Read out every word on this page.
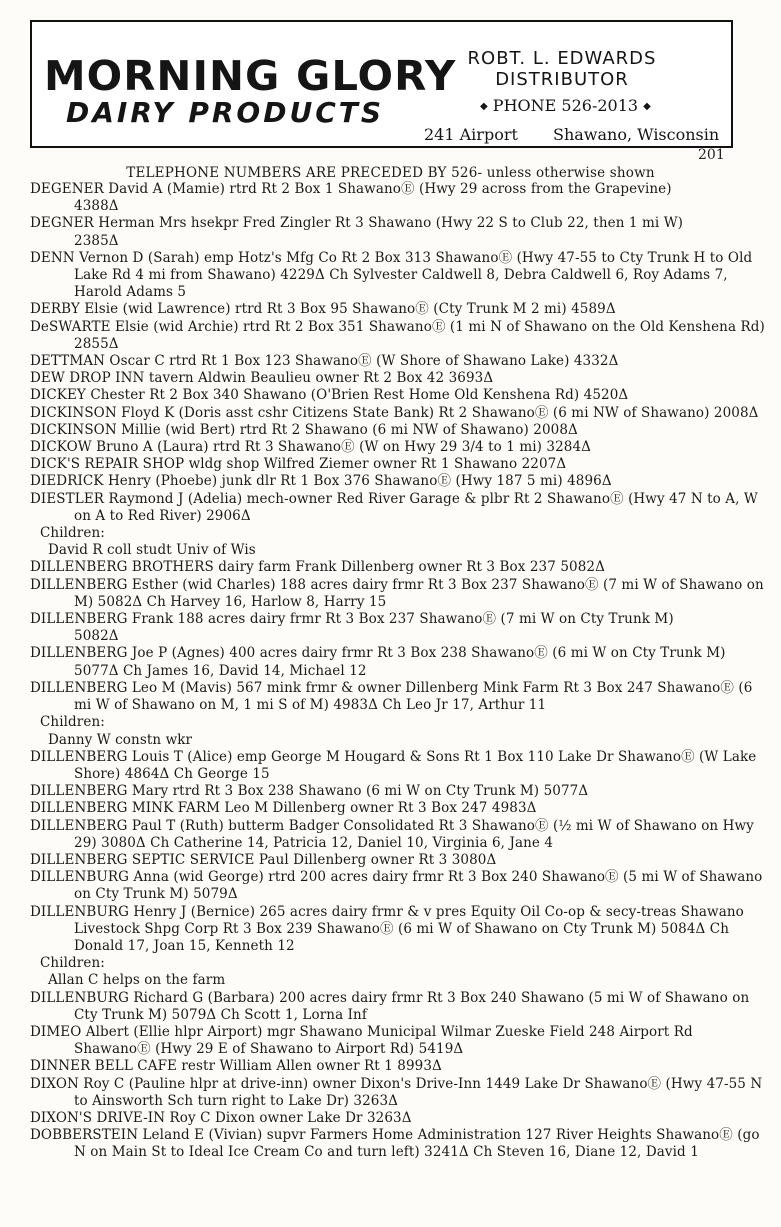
MORNING GLORY
DAIRY PRODUCTS
ROBT. L. EDWARDS
DISTRIBUTOR
◆ PHONE 526-2013 ◆
241 Airport Shawano, Wisconsin
201
TELEPHONE NUMBERS ARE PRECEDED BY 526- unless otherwise shown
DEGENER David A (Mamie) rtrd Rt 2 Box 1 ShawanoⒺ (Hwy 29 across from the Grapevine)
4388Δ
DEGNER Herman Mrs hsekpr Fred Zingler Rt 3 Shawano (Hwy 22 S to Club 22, then 1 mi W)
2385Δ
DENN Vernon D (Sarah) emp Hotz's Mfg Co Rt 2 Box 313 ShawanoⒺ (Hwy 47-55 to Cty Trunk H to Old Lake Rd 4 mi from Shawano) 4229Δ Ch Sylvester Caldwell 8, Debra Caldwell 6, Roy Adams 7, Harold Adams 5
DERBY Elsie (wid Lawrence) rtrd Rt 3 Box 95 ShawanoⒺ (Cty Trunk M 2 mi) 4589Δ
DeSWARTE Elsie (wid Archie) rtrd Rt 2 Box 351 ShawanoⒺ (1 mi N of Shawano on the Old Kenshena Rd) 2855Δ
DETTMAN Oscar C rtrd Rt 1 Box 123 ShawanoⒺ (W Shore of Shawano Lake) 4332Δ
DEW DROP INN tavern Aldwin Beaulieu owner Rt 2 Box 42 3693Δ
DICKEY Chester Rt 2 Box 340 Shawano (O'Brien Rest Home Old Kenshena Rd) 4520Δ
DICKINSON Floyd K (Doris asst cshr Citizens State Bank) Rt 2 ShawanoⒺ (6 mi NW of Shawano) 2008Δ
DICKINSON Millie (wid Bert) rtrd Rt 2 Shawano (6 mi NW of Shawano) 2008Δ
DICKOW Bruno A (Laura) rtrd Rt 3 ShawanoⒺ (W on Hwy 29 3/4 to 1 mi) 3284Δ
DICK'S REPAIR SHOP wldg shop Wilfred Ziemer owner Rt 1 Shawano 2207Δ
DIEDRICK Henry (Phoebe) junk dlr Rt 1 Box 376 ShawanoⒺ (Hwy 187 5 mi) 4896Δ
DIESTLER Raymond J (Adelia) mech-owner Red River Garage & plbr Rt 2 ShawanoⒺ (Hwy 47 N to A, W on A to Red River) 2906Δ
Children:
David R coll studt Univ of Wis
DILLENBERG BROTHERS dairy farm Frank Dillenberg owner Rt 3 Box 237 5082Δ
DILLENBERG Esther (wid Charles) 188 acres dairy frmr Rt 3 Box 237 ShawanoⒺ (7 mi W of Shawano on M) 5082Δ Ch Harvey 16, Harlow 8, Harry 15
DILLENBERG Frank 188 acres dairy frmr Rt 3 Box 237 ShawanoⒺ (7 mi W on Cty Trunk M)
5082Δ
DILLENBERG Joe P (Agnes) 400 acres dairy frmr Rt 3 Box 238 ShawanoⒺ (6 mi W on Cty Trunk M) 5077Δ Ch James 16, David 14, Michael 12
DILLENBERG Leo M (Mavis) 567 mink frmr & owner Dillenberg Mink Farm Rt 3 Box 247 ShawanoⒺ (6 mi W of Shawano on M, 1 mi S of M) 4983Δ Ch Leo Jr 17, Arthur 11
Children:
Danny W constn wkr
DILLENBERG Louis T (Alice) emp George M Hougard & Sons Rt 1 Box 110 Lake Dr ShawanoⒺ (W Lake Shore) 4864Δ Ch George 15
DILLENBERG Mary rtrd Rt 3 Box 238 Shawano (6 mi W on Cty Trunk M) 5077Δ
DILLENBERG MINK FARM Leo M Dillenberg owner Rt 3 Box 247 4983Δ
DILLENBERG Paul T (Ruth) butterm Badger Consolidated Rt 3 ShawanoⒺ (½ mi W of Shawano on Hwy 29) 3080Δ Ch Catherine 14, Patricia 12, Daniel 10, Virginia 6, Jane 4
DILLENBERG SEPTIC SERVICE Paul Dillenberg owner Rt 3 3080Δ
DILLENBURG Anna (wid George) rtrd 200 acres dairy frmr Rt 3 Box 240 ShawanoⒺ (5 mi W of Shawano on Cty Trunk M) 5079Δ
DILLENBURG Henry J (Bernice) 265 acres dairy frmr & v pres Equity Oil Co-op & secy-treas Shawano Livestock Shpg Corp Rt 3 Box 239 ShawanoⒺ (6 mi W of Shawano on Cty Trunk M) 5084Δ Ch Donald 17, Joan 15, Kenneth 12
Children:
Allan C helps on the farm
DILLENBURG Richard G (Barbara) 200 acres dairy frmr Rt 3 Box 240 Shawano (5 mi W of Shawano on Cty Trunk M) 5079Δ Ch Scott 1, Lorna Inf
DIMEO Albert (Ellie hlpr Airport) mgr Shawano Municipal Wilmar Zueske Field 248 Airport Rd ShawanoⒺ (Hwy 29 E of Shawano to Airport Rd) 5419Δ
DINNER BELL CAFE restr William Allen owner Rt 1 8993Δ
DIXON Roy C (Pauline hlpr at drive-inn) owner Dixon's Drive-Inn 1449 Lake Dr ShawanoⒺ (Hwy 47-55 N to Ainsworth Sch turn right to Lake Dr) 3263Δ
DIXON'S DRIVE-IN Roy C Dixon owner Lake Dr 3263Δ
DOBBERSTEIN Leland E (Vivian) supvr Farmers Home Administration 127 River Heights ShawanoⒺ (go N on Main St to Ideal Ice Cream Co and turn left) 3241Δ Ch Steven 16, Diane 12, David 1
